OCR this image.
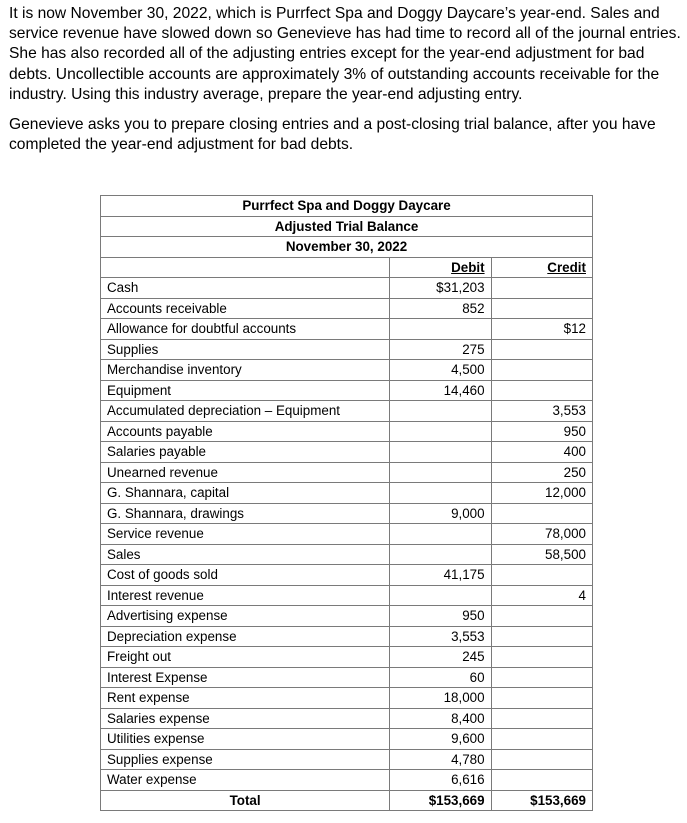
It is now November 30, 2022, which is Purrfect Spa and Doggy Daycare’s year-end. Sales and service revenue have slowed down so Genevieve has had time to record all of the journal entries. She has also recorded all of the adjusting entries except for the year-end adjustment for bad debts. Uncollectible accounts are approximately 3% of outstanding accounts receivable for the industry. Using this industry average, prepare the year-end adjusting entry.

Genevieve asks you to prepare closing entries and a post-closing trial balance, after you have completed the year-end adjustment for bad debts.

Purrfect Spa and Doggy Daycare		
Adjusted Trial Balance		
November 30, 2022		
	Debit	Credit
Cash	$31,203	
Accounts receivable	852	
Allowance for doubtful accounts		$12
Supplies	275	
Merchandise inventory	4,500	
Equipment	14,460	
Accumulated depreciation – Equipment		3,553
Accounts payable		950
Salaries payable		400
Unearned revenue		250
G. Shannara, capital		12,000
G. Shannara, drawings	9,000	
Service revenue		78,000
Sales		58,500
Cost of goods sold	41,175	
Interest revenue		4
Advertising expense	950	
Depreciation expense	3,553	
Freight out	245	
Interest Expense	60	
Rent expense	18,000	
Salaries expense	8,400	
Utilities expense	9,600	
Supplies expense	4,780	
Water expense	6,616	
Total	$153,669	$153,669
